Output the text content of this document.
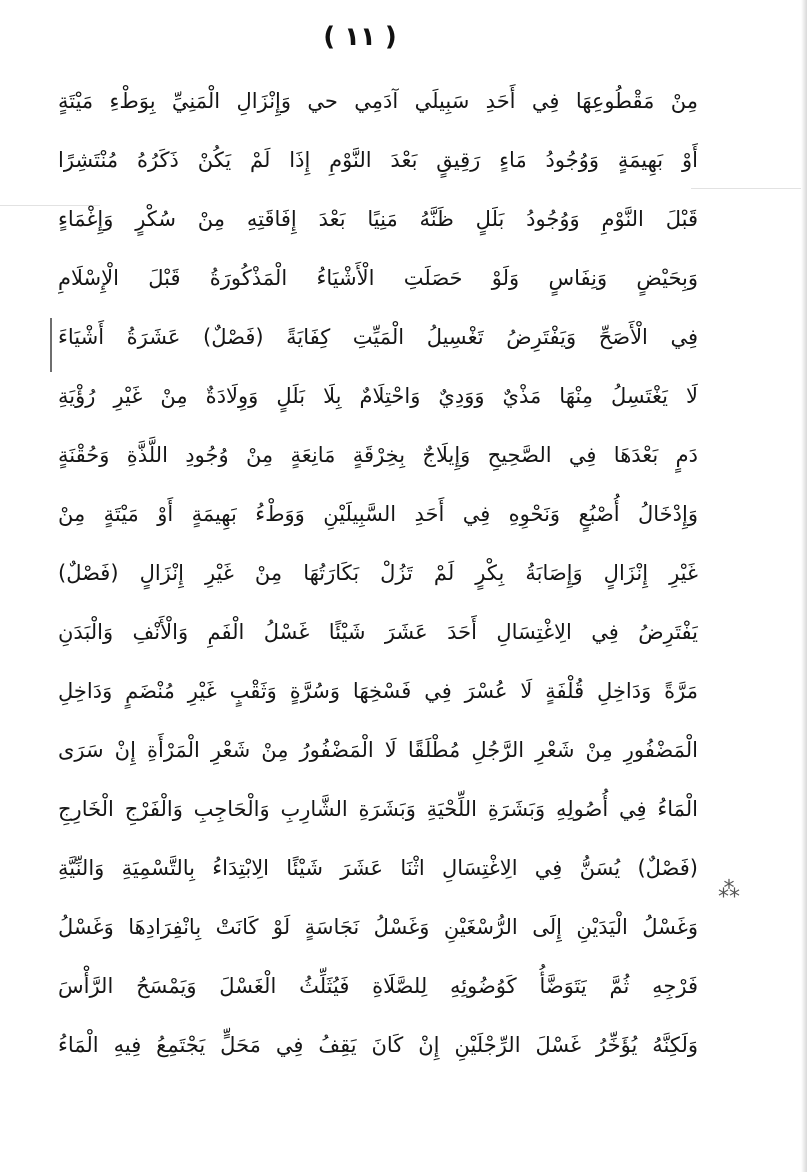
( ١١ )
مِنْ مَقْطُوعِهَا فِي أَحَدِ سَبِيلَي آدَمِي حي وَإِنْزَالِ الْمَنِيِّ بِوَطْءِ مَيْتَةٍ
أَوْ بَهِيمَةٍ وَوُجُودُ مَاءٍ رَقِيقٍ بَعْدَ النَّوْمِ إِذَا لَمْ يَكُنْ ذَكَرُهُ مُنْتَشِرًا
قَبْلَ النَّوْمِ وَوُجُودُ بَلَلٍ ظَنَّهُ مَنِيًا بَعْدَ إِفَاقَتِهِ مِنْ سُكْرٍ وَإِغْمَاءٍ
وَبِحَيْضٍ وَنِفَاسٍ وَلَوْ حَصَلَتِ الْأَشْيَاءُ الْمَذْكُورَةُ قَبْلَ الْإِسْلَامِ
فِي الْأَصَحِّ وَيَفْتَرِضُ تَغْسِيلُ الْمَيِّتِ كِفَايَةً (فَصْلٌ) عَشَرَةُ أَشْيَاءَ
لَا يَغْتَسِلُ مِنْهَا مَذْيٌ وَوَدِيٌ وَاحْتِلَامٌ بِلَا بَلَلٍ وَوِلَادَةٌ مِنْ غَيْرِ رُؤْيَةِ
دَمٍ بَعْدَهَا فِي الصَّحِيحِ وَإِيلَاجٌ بِخِرْقَةٍ مَانِعَةٍ مِنْ وُجُودِ اللَّذَّةِ وَحُقْنَةٍ
وَإِدْخَالُ أُصْبُعٍ وَنَحْوِهِ فِي أَحَدِ السَّبِيلَيْنِ وَوَطْءُ بَهِيمَةٍ أَوْ مَيْتَةٍ مِنْ
غَيْرِ إِنْزَالٍ وَإِصَابَةُ بِكْرٍ لَمْ تَزُلْ بَكَارَتُهَا مِنْ غَيْرِ إِنْزَالٍ (فَصْلٌ)
يَفْتَرِضُ فِي الِاغْتِسَالِ أَحَدَ عَشَرَ شَيْئًا غَسْلُ الْفَمِ وَالْأَنْفِ وَالْبَدَنِ
مَرَّةً وَدَاخِلِ قُلْفَةٍ لَا عُسْرَ فِي فَسْخِهَا وَسُرَّةٍ وَثَقْبٍ غَيْرِ مُنْضَمٍ وَدَاخِلِ
الْمَضْفُورِ مِنْ شَعْرِ الرَّجُلِ مُطْلَقًا لَا الْمَضْفُورُ مِنْ شَعْرِ الْمَرْأَةِ إِنْ سَرَى
الْمَاءُ فِي أُصُولِهِ وَبَشَرَةِ اللِّحْيَةِ وَبَشَرَةِ الشَّارِبِ وَالْحَاجِبِ وَالْفَرْجِ الْخَارِجِ
(فَصْلٌ) يُسَنُّ فِي الِاغْتِسَالِ اثْنَا عَشَرَ شَيْئًا الِابْتِدَاءُ بِالتَّسْمِيَةِ وَالنِّيَّةِ
وَغَسْلُ الْيَدَيْنِ إِلَى الرُّسْغَيْنِ وَغَسْلُ نَجَاسَةٍ لَوْ كَانَتْ بِانْفِرَادِهَا وَغَسْلُ
فَرْجِهِ ثُمَّ يَتَوَضَّأُ كَوُضُوئِهِ لِلصَّلَاةِ فَيُثَلِّثُ الْغَسْلَ وَيَمْسَحُ الرَّأْسَ
وَلَكِنَّهُ يُؤَخِّرُ غَسْلَ الرِّجْلَيْنِ إِنْ كَانَ يَقِفُ فِي مَحَلٍّ يَجْتَمِعُ فِيهِ الْمَاءُ
⁂
